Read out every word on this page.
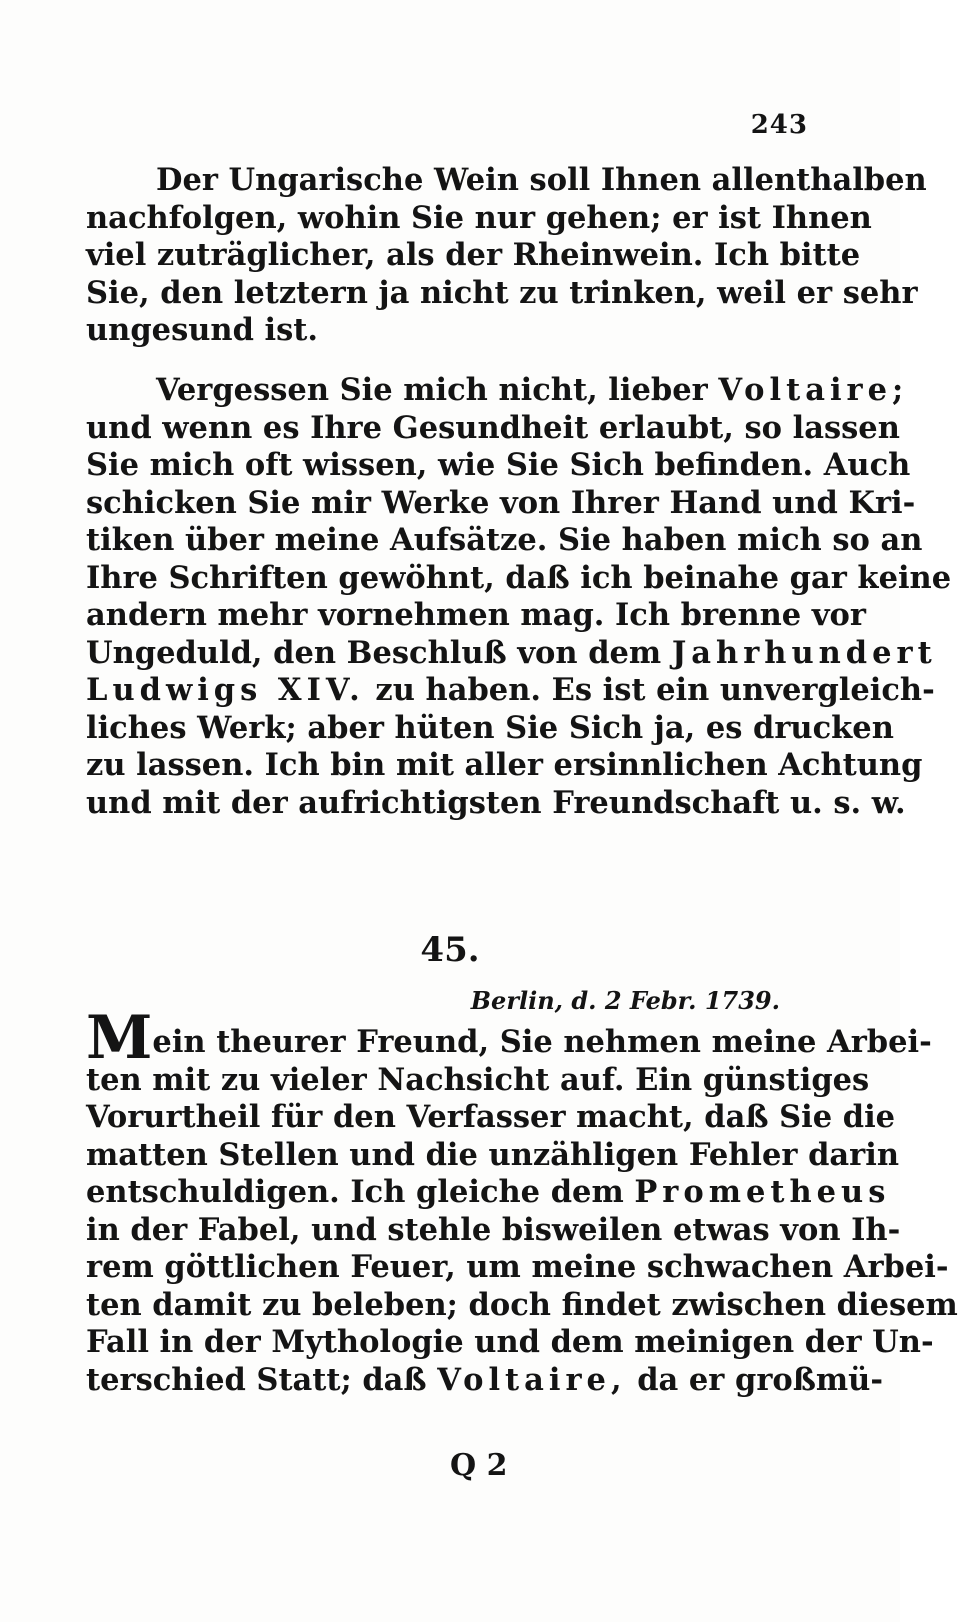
243
Der Ungarische Wein soll Ihnen allenthalben
nachfolgen, wohin Sie nur gehen; er ist Ihnen
viel zuträglicher, als der Rheinwein. Ich bitte
Sie, den letztern ja nicht zu trinken, weil er sehr
ungesund ist.
Vergessen Sie mich nicht, lieber Voltaire;
und wenn es Ihre Gesundheit erlaubt, so lassen
Sie mich oft wissen, wie Sie Sich befinden. Auch
schicken Sie mir Werke von Ihrer Hand und Kri-
tiken über meine Aufsätze. Sie haben mich so an
Ihre Schriften gewöhnt, daß ich beinahe gar keine
andern mehr vornehmen mag. Ich brenne vor
Ungeduld, den Beschluß von dem Jahrhundert
Ludwigs XIV. zu haben. Es ist ein unvergleich-
liches Werk; aber hüten Sie Sich ja, es drucken
zu lassen. Ich bin mit aller ersinnlichen Achtung
und mit der aufrichtigsten Freundschaft u. s. w.
45.
Berlin, d. 2 Febr. 1739.
Mein theurer Freund, Sie nehmen meine Arbei-
ten mit zu vieler Nachsicht auf. Ein günstiges
Vorurtheil für den Verfasser macht, daß Sie die
matten Stellen und die unzähligen Fehler darin
entschuldigen. Ich gleiche dem Prometheus
in der Fabel, und stehle bisweilen etwas von Ih-
rem göttlichen Feuer, um meine schwachen Arbei-
ten damit zu beleben; doch findet zwischen diesem
Fall in der Mythologie und dem meinigen der Un-
terschied Statt; daß Voltaire, da er großmü-
Q 2
